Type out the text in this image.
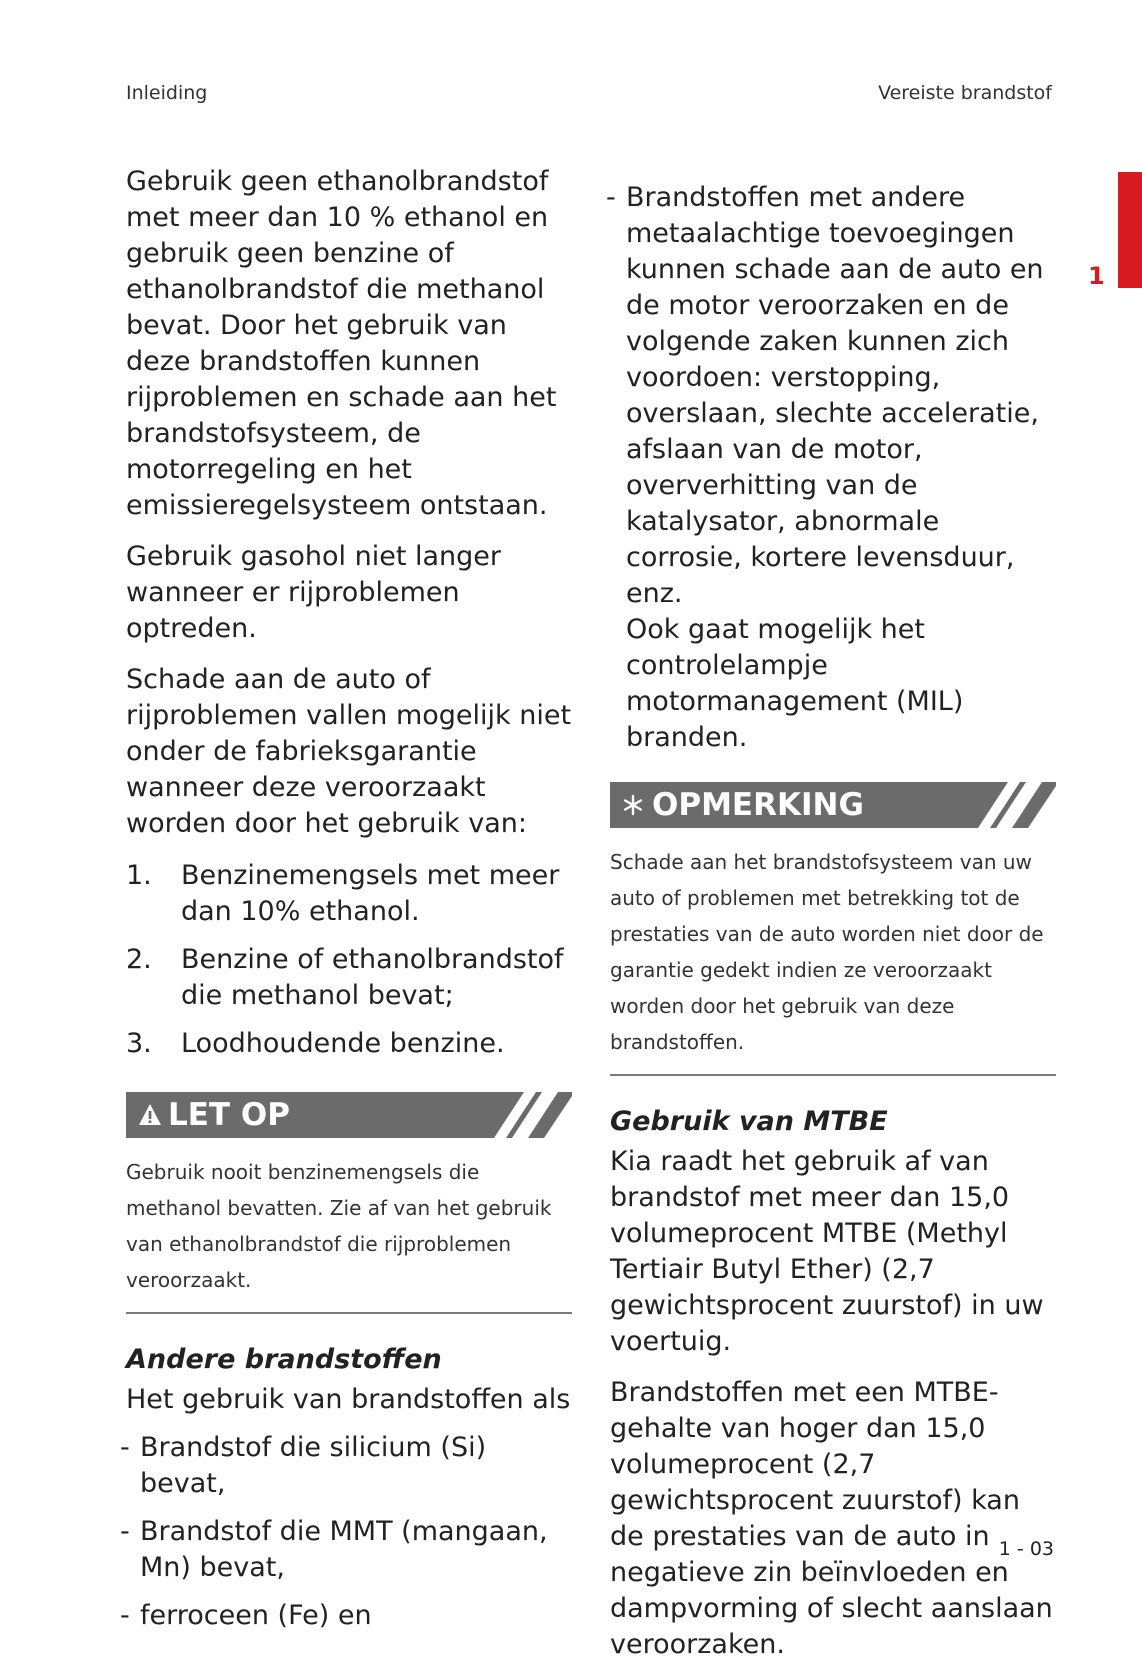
Inleiding	Vereiste brandstof
1

Gebruik geen ethanolbrandstof met meer dan 10 % ethanol en gebruik geen benzine of ethanolbrandstof die methanol bevat. Door het gebruik van deze brandstoffen kunnen rijproblemen en schade aan het brandstofsysteem, de motorregeling en het emissieregelsysteem ontstaan.

Gebruik gasohol niet langer wanneer er rijproblemen optreden.

Schade aan de auto of rijproblemen vallen mogelijk niet onder de fabrieksgarantie wanneer deze veroorzaakt worden door het gebruik van:

1. Benzinemengsels met meer dan 10% ethanol.
2. Benzine of ethanolbrandstof die methanol bevat;
3. Loodhoudende benzine.
LET OP

Gebruik nooit benzinemengsels die methanol bevatten. Zie af van het gebruik van ethanolbrandstof die rijproblemen veroorzaakt.

Andere brandstoffen

Het gebruik van brandstoffen als

- Brandstof die silicium (Si) bevat,
- Brandstof die MMT (mangaan, Mn) bevat,
- ferroceen (Fe) en
- Brandstoffen met andere metaalachtige toevoegingen kunnen schade aan de auto en de motor veroorzaken en de volgende zaken kunnen zich voordoen: verstopping, overslaan, slechte acceleratie, afslaan van de motor, oververhitting van de katalysator, abnormale corrosie, kortere levensduur, enz.
Ook gaat mogelijk het controlelampje motormanagement (MIL) branden.
OPMERKING

Schade aan het brandstofsysteem van uw auto of problemen met betrekking tot de prestaties van de auto worden niet door de garantie gedekt indien ze veroorzaakt worden door het gebruik van deze brandstoffen.

Gebruik van MTBE

Kia raadt het gebruik af van brandstof met meer dan 15,0 volumeprocent MTBE (Methyl Tertiair Butyl Ether) (2,7 gewichtsprocent zuurstof) in uw voertuig.

Brandstoffen met een MTBE-gehalte van hoger dan 15,0 volumeprocent (2,7 gewichtsprocent zuurstof) kan de prestaties van de auto in negatieve zin beïnvloeden en dampvorming of slecht aanslaan veroorzaken.

1 - 03
